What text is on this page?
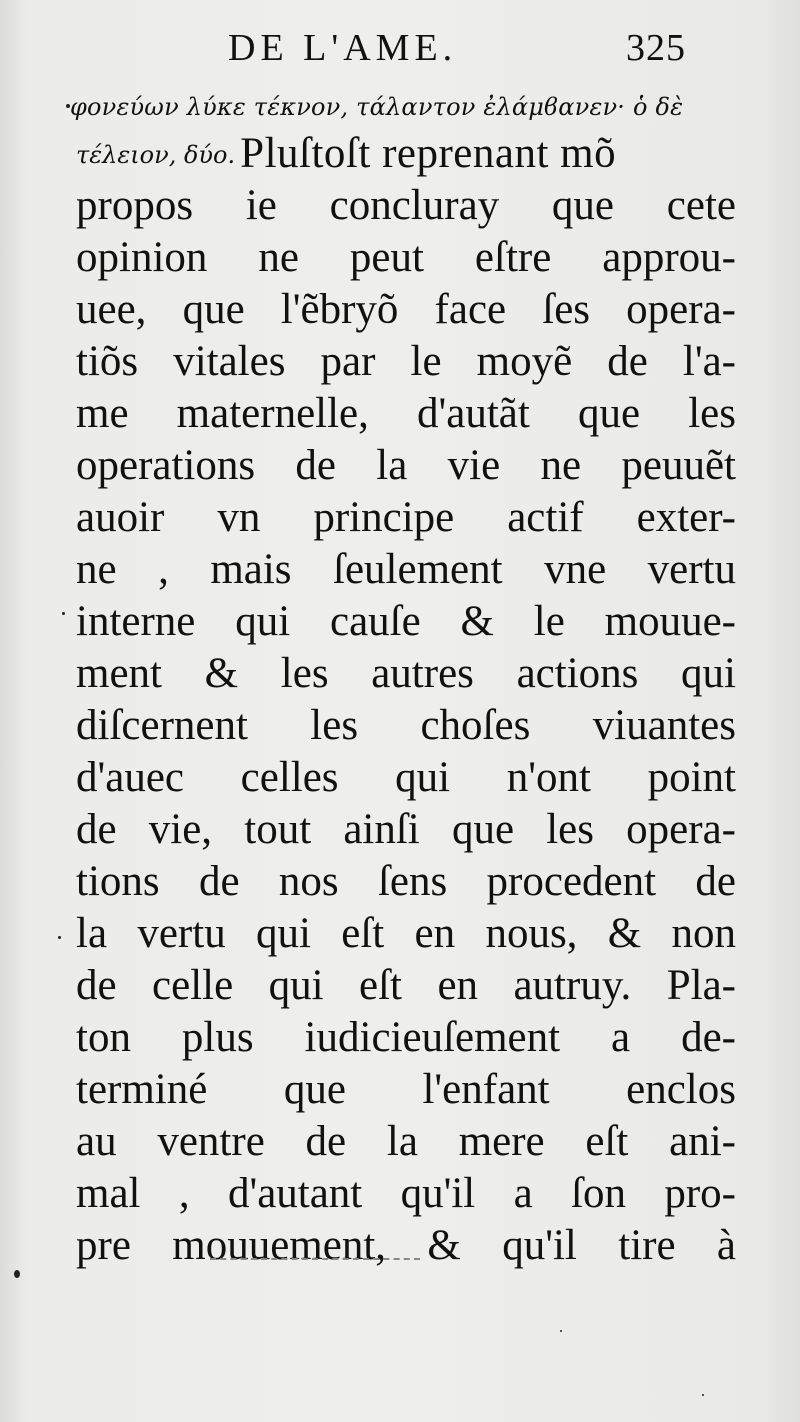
DE L'AME.	325
φονεύων λύκε τέκνον, τάλαντον ἐλάμϐανεν· ὁ δὲ
τέλειον, δύο. Pluſtoſt reprenant mõ
propos ie concluray que cete
opinion ne peut eſtre approu-
uee, que l'ẽbryõ face ſes opera-
tiõs vitales par le moyẽ de l'a-
me maternelle, d'autãt que les
operations de la vie ne peuuẽt
auoir vn principe actif exter-
ne , mais ſeulement vne vertu
interne qui cauſe & le mouue-
ment & les autres actions qui
diſcernent les choſes viuantes
d'auec celles qui n'ont point
de vie, tout ainſi que les opera-
tions de nos ſens procedent de
la vertu qui eſt en nous, & non
de celle qui eſt en autruy. Pla-
ton plus iudicieuſement a de-
terminé que l'enfant enclos
au ventre de la mere eſt ani-
mal , d'autant qu'il a ſon pro-
pre mouuement, & qu'il tire à
